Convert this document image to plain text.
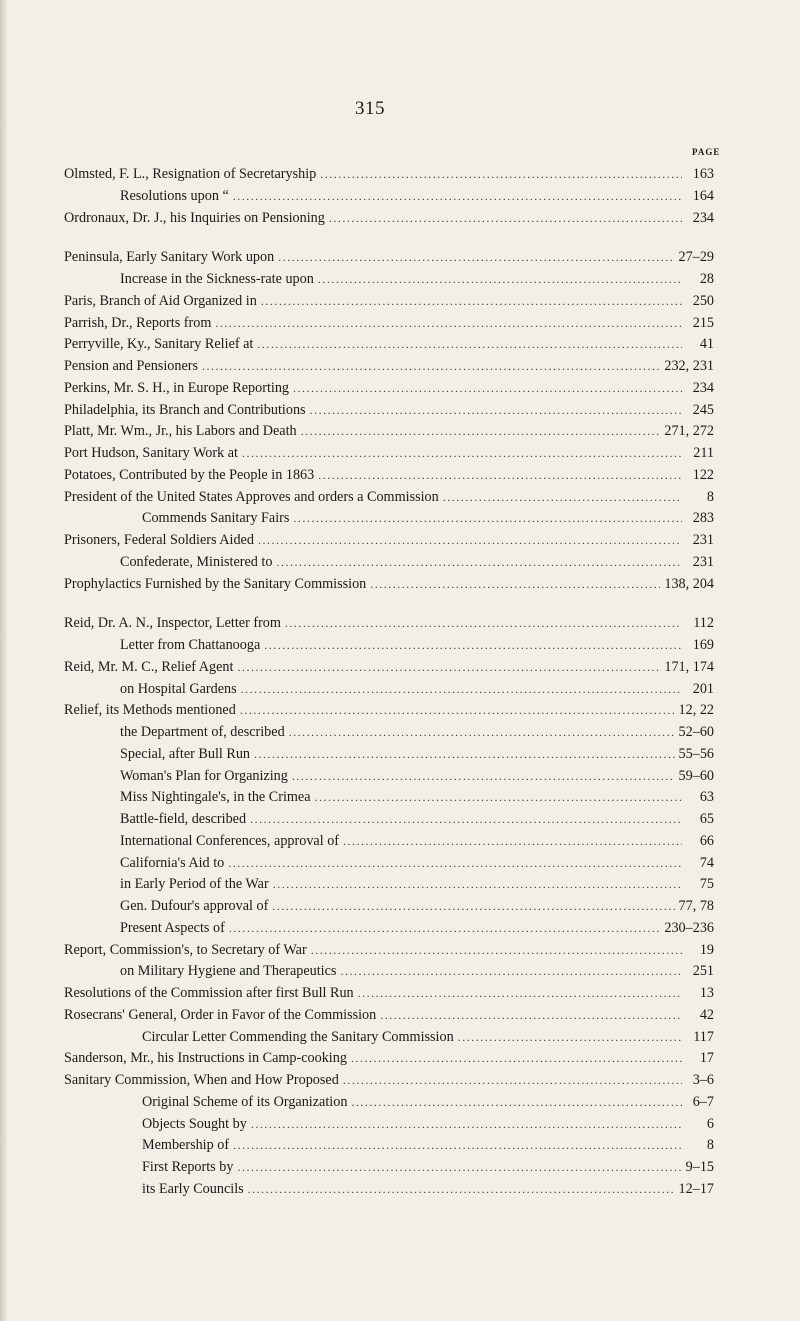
315
PAGE
Olmsted, F. L., Resignation of Secretaryship .....	163
Resolutions upon “ .....	164
Ordronaux, Dr. J., his Inquiries on Pensioning .....	234
Peninsula, Early Sanitary Work upon .....	27–29
Increase in the Sickness-rate upon .....	28
Paris, Branch of Aid Organized in .....	250
Parrish, Dr., Reports from .....	215
Perryville, Ky., Sanitary Relief at .....	41
Pension and Pensioners .....	232, 231
Perkins, Mr. S. H., in Europe Reporting .....	234
Philadelphia, its Branch and Contributions .....	245
Platt, Mr. Wm., Jr., his Labors and Death .....	271, 272
Port Hudson, Sanitary Work at .....	211
Potatoes, Contributed by the People in 1863 .....	122
President of the United States Approves and orders a Commission .....	8
Commends Sanitary Fairs .....	283
Prisoners, Federal Soldiers Aided .....	231
Confederate, Ministered to .....	231
Prophylactics Furnished by the Sanitary Commission .....	138, 204
Reid, Dr. A. N., Inspector, Letter from .....	112
Letter from Chattanooga .....	169
Reid, Mr. M. C., Relief Agent .....	171, 174
on Hospital Gardens .....	201
Relief, its Methods mentioned .....	12, 22
the Department of, described .....	52–60
Special, after Bull Run .....	55–56
Woman's Plan for Organizing .....	59–60
Miss Nightingale's, in the Crimea .....	63
Battle-field, described .....	65
International Conferences, approval of .....	66
California's Aid to .....	74
in Early Period of the War .....	75
Gen. Dufour's approval of .....	77, 78
Present Aspects of .....	230–236
Report, Commission's, to Secretary of War .....	19
on Military Hygiene and Therapeutics .....	251
Resolutions of the Commission after first Bull Run .....	13
Rosecrans' General, Order in Favor of the Commission .....	42
Circular Letter Commending the Sanitary Commission .....	117
Sanderson, Mr., his Instructions in Camp-cooking .....	17
Sanitary Commission, When and How Proposed .....	3–6
Original Scheme of its Organization .....	6–7
Objects Sought by .....	6
Membership of .....	8
First Reports by .....	9–15
its Early Councils .....	12–17
